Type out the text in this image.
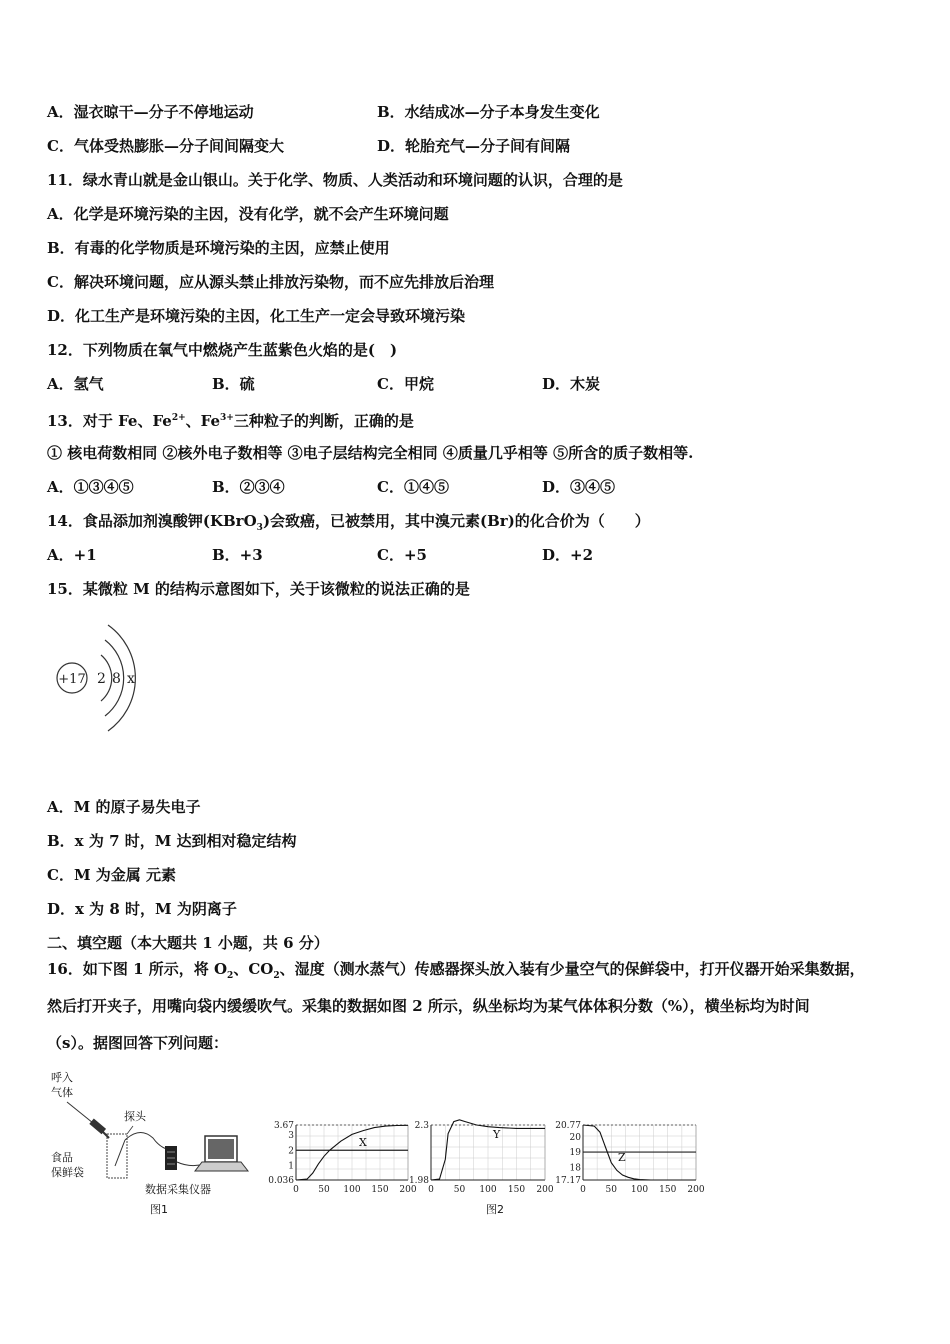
A．湿衣晾干—分子不停地运动	B．水结成冰—分子本身发生变化
C．气体受热膨胀—分子间间隔变大	D．轮胎充气—分子间有间隔
11．绿水青山就是金山银山。关于化学、物质、人类活动和环境问题的认识，合理的是
A．化学是环境污染的主因，没有化学，就不会产生环境问题
B．有毒的化学物质是环境污染的主因，应禁止使用
C．解决环境问题，应从源头禁止排放污染物，而不应先排放后治理
D．化工生产是环境污染的主因，化工生产一定会导致环境污染
12．下列物质在氧气中燃烧产生蓝紫色火焰的是(　)
A．氢气	B．硫	C．甲烷	D．木炭
13．对于 Fe、$Fe^{2+}$、$Fe^{3+}$三种粒子的判断，正确的是
① 核电荷数相同 ②核外电子数相等 ③电子层结构完全相同 ④质量几乎相等 ⑤所含的质子数相等.
A．①③④⑤	B．②③④	C．①④⑤	D．③④⑤
14．食品添加剂溴酸钾(KBrO$_3$)会致癌，已被禁用，其中溴元素(Br)的化合价为（　　）
A．+1	B．+3	C．+5	D．+2
15．某微粒 M 的结构示意图如下，关于该微粒的说法正确的是
+17 2 8 x
A．M 的原子易失电子
B．x 为 7 时，M 达到相对稳定结构
C．M 为金属 元素
D．x 为 8 时，M 为阴离子
二、填空题（本大题共 1 小题，共 6 分）
16．如下图 1 所示，将 $O_2$、$CO_2$、湿度（测水蒸气）传感器探头放入装有少量空气的保鲜袋中，打开仪器开始采集数据，
然后打开夹子，用嘴向袋内缓缓吹气。采集的数据如图 2 所示，纵坐标均为某气体体积分数（%），横坐标均为时间
（s）。据图回答下列问题：
呼入
气体
探头
食品
保鲜袋
数据采集仪器
图1
0 50 100 150 200
3.67
3
2
1
0.036
X
0 50 100 150 200
2.3
1.98
Y
0 50 100 150 200
20.77
20
19
18
17.17
Z
图2
